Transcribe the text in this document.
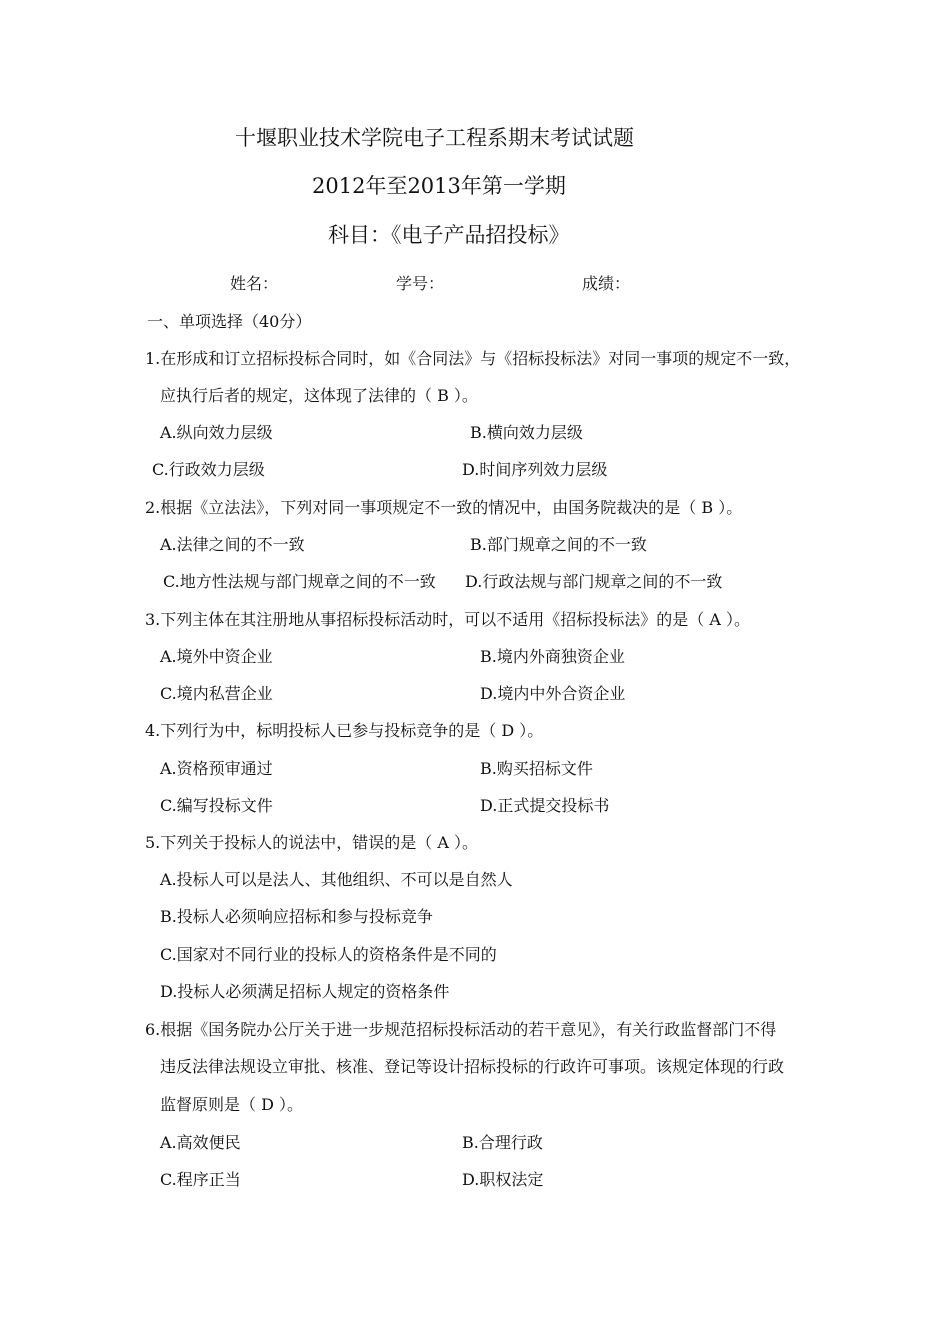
十堰职业技术学院电子工程系期末考试试题
2012年至2013年第一学期
科目：《电子产品招投标》
姓名：	学号：	成绩：
一、单项选择（40分）
1.在形成和订立招标投标合同时，如《合同法》与《招标投标法》对同一事项的规定不一致，
应执行后者的规定，这体现了法律的（ B ）。
A.纵向效力层级	B.横向效力层级
C.行政效力层级	D.时间序列效力层级
2.根据《立法法》，下列对同一事项规定不一致的情况中，由国务院裁决的是（ B ）。
A.法律之间的不一致	B.部门规章之间的不一致
C.地方性法规与部门规章之间的不一致 D.行政法规与部门规章之间的不一致
3.下列主体在其注册地从事招标投标活动时，可以不适用《招标投标法》的是（ A ）。
A.境外中资企业	B.境内外商独资企业
C.境内私营企业	D.境内中外合资企业
4.下列行为中，标明投标人已参与投标竞争的是（ D ）。
A.资格预审通过	B.购买招标文件
C.编写投标文件	D.正式提交投标书
5.下列关于投标人的说法中，错误的是（ A ）。
A.投标人可以是法人、其他组织、不可以是自然人
B.投标人必须响应招标和参与投标竞争
C.国家对不同行业的投标人的资格条件是不同的
D.投标人必须满足招标人规定的资格条件
6.根据《国务院办公厅关于进一步规范招标投标活动的若干意见》，有关行政监督部门不得
违反法律法规设立审批、核准、登记等设计招标投标的行政许可事项。该规定体现的行政
监督原则是（ D ）。
A.高效便民	B.合理行政
C.程序正当	D.职权法定
